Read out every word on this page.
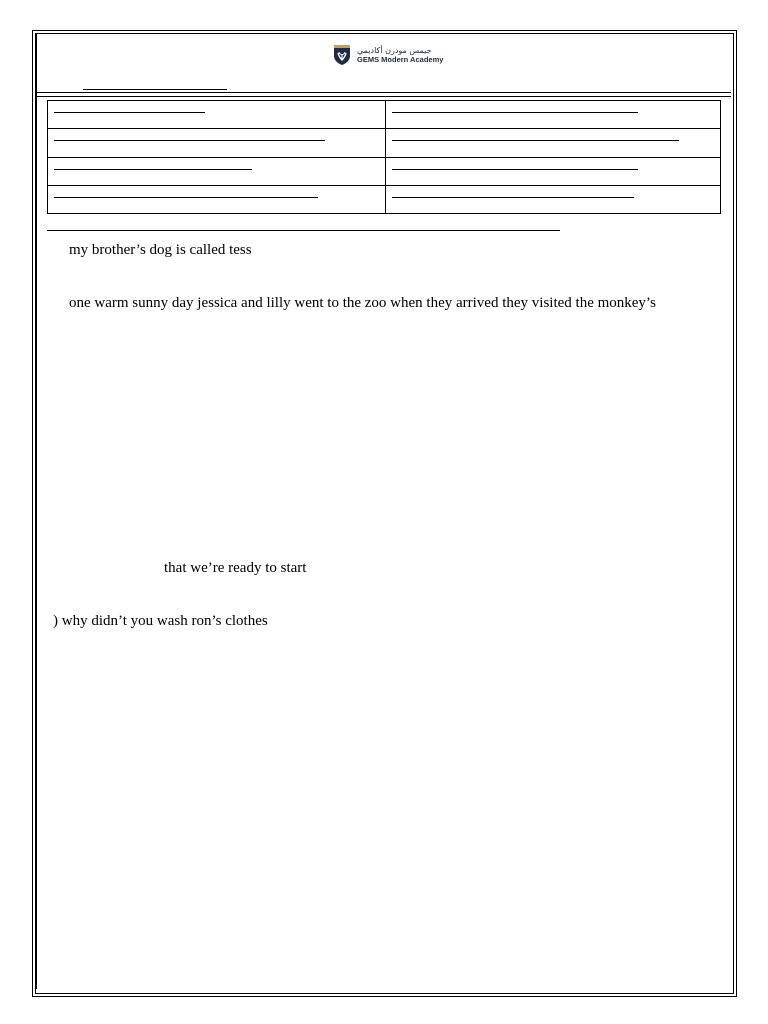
جيمس مودرن أكاديمي
GEMS Modern Academy

my brother’s dog is called tess
one warm sunny day jessica and lilly went to the zoo when they arrived they visited the monkey’s
that we’re ready to start
) why didn’t you wash ron’s clothes
